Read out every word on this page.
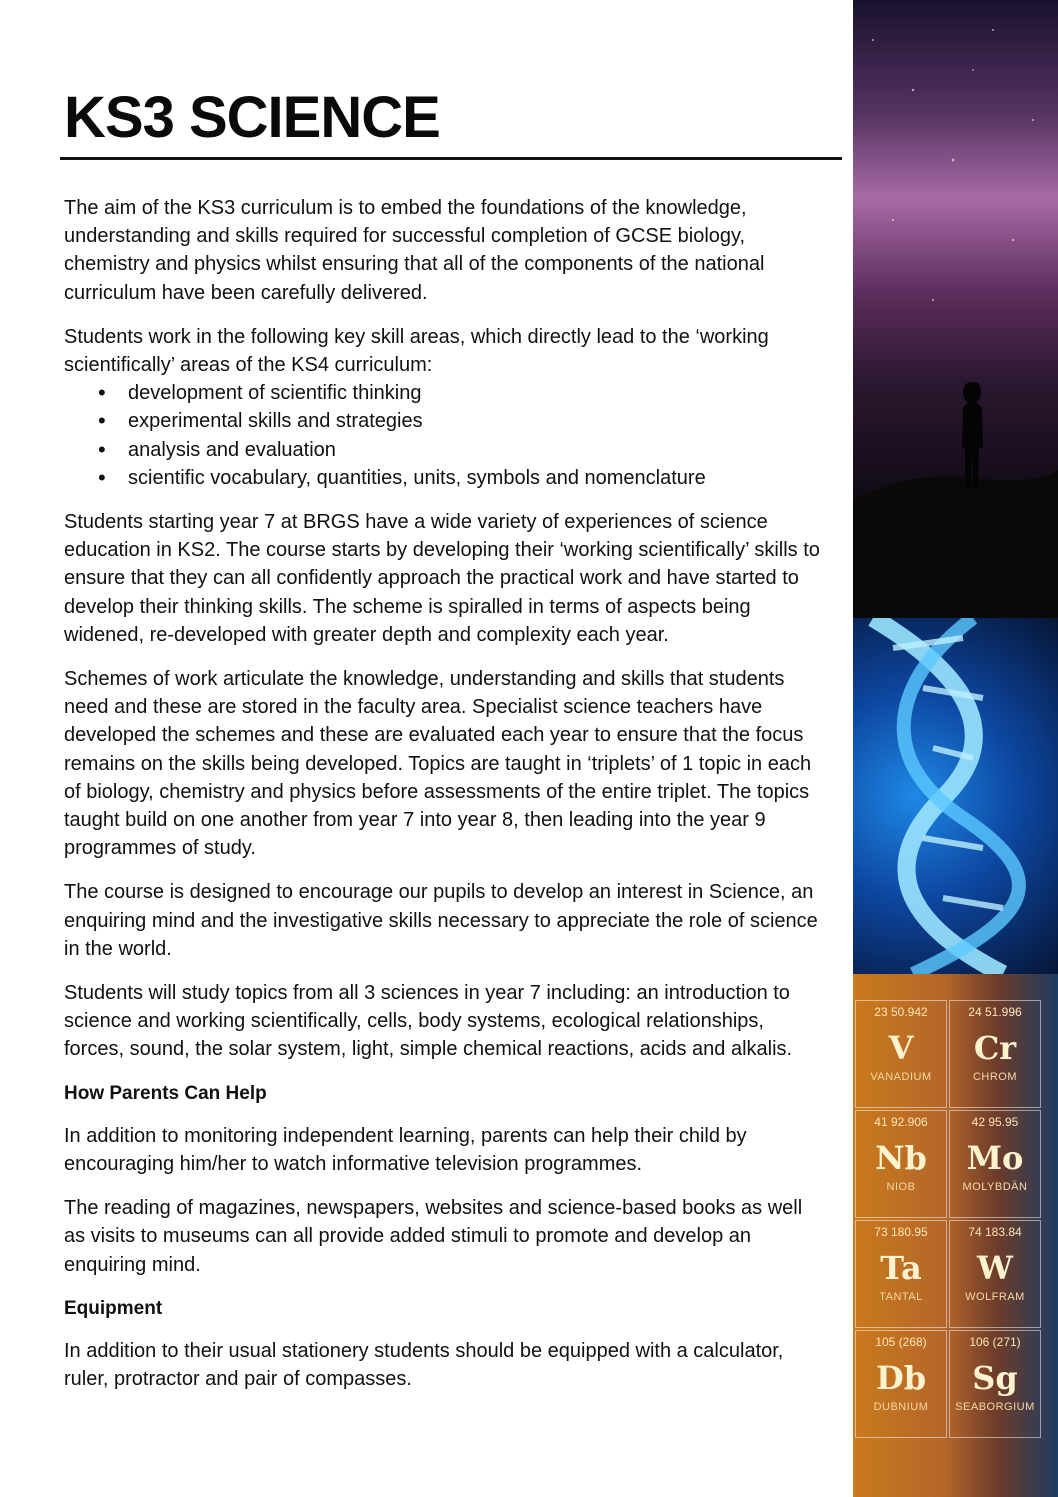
KS3 SCIENCE

The aim of the KS3 curriculum is to embed the foundations of the knowledge, understanding and skills required for successful completion of GCSE biology, chemistry and physics whilst ensuring that all of the components of the national curriculum have been carefully delivered.

Students work in the following key skill areas, which directly lead to the ‘working scientifically’ areas of the KS4 curriculum:

• development of scientific thinking
• experimental skills and strategies
• analysis and evaluation
• scientific vocabulary, quantities, units, symbols and nomenclature

Students starting year 7 at BRGS have a wide variety of experiences of science education in KS2. The course starts by developing their ‘working scientifically’ skills to ensure that they can all confidently approach the practical work and have started to develop their thinking skills. The scheme is spiralled in terms of aspects being widened, re-developed with greater depth and complexity each year.

Schemes of work articulate the knowledge, understanding and skills that students need and these are stored in the faculty area. Specialist science teachers have developed the schemes and these are evaluated each year to ensure that the focus remains on the skills being developed. Topics are taught in ‘triplets’ of 1 topic in each of biology, chemistry and physics before assessments of the entire triplet. The topics taught build on one another from year 7 into year 8, then leading into the year 9 programmes of study.

The course is designed to encourage our pupils to develop an interest in Science, an enquiring mind and the investigative skills necessary to appreciate the role of science in the world.

Students will study topics from all 3 sciences in year 7 including: an introduction to science and working scientifically, cells, body systems, ecological relationships, forces, sound, the solar system, light, simple chemical reactions, acids and alkalis.

How Parents Can Help

In addition to monitoring independent learning, parents can help their child by encouraging him/her to watch informative television programmes.

The reading of magazines, newspapers, websites and science-based books as well as visits to museums can all provide added stimuli to promote and develop an enquiring mind.

Equipment

In addition to their usual stationery students should be equipped with a calculator, ruler, protractor and pair of compasses.

23 50.942
V
VANADIUM
24 51.996
Cr
CHROM
41 92.906
Nb
NIOB
42 95.95
Mo
MOLYBDÄN
73 180.95
Ta
TANTAL
74 183.84
W
WOLFRAM
105 (268)
Db
DUBNIUM
106 (271)
Sg
SEABORGIUM
